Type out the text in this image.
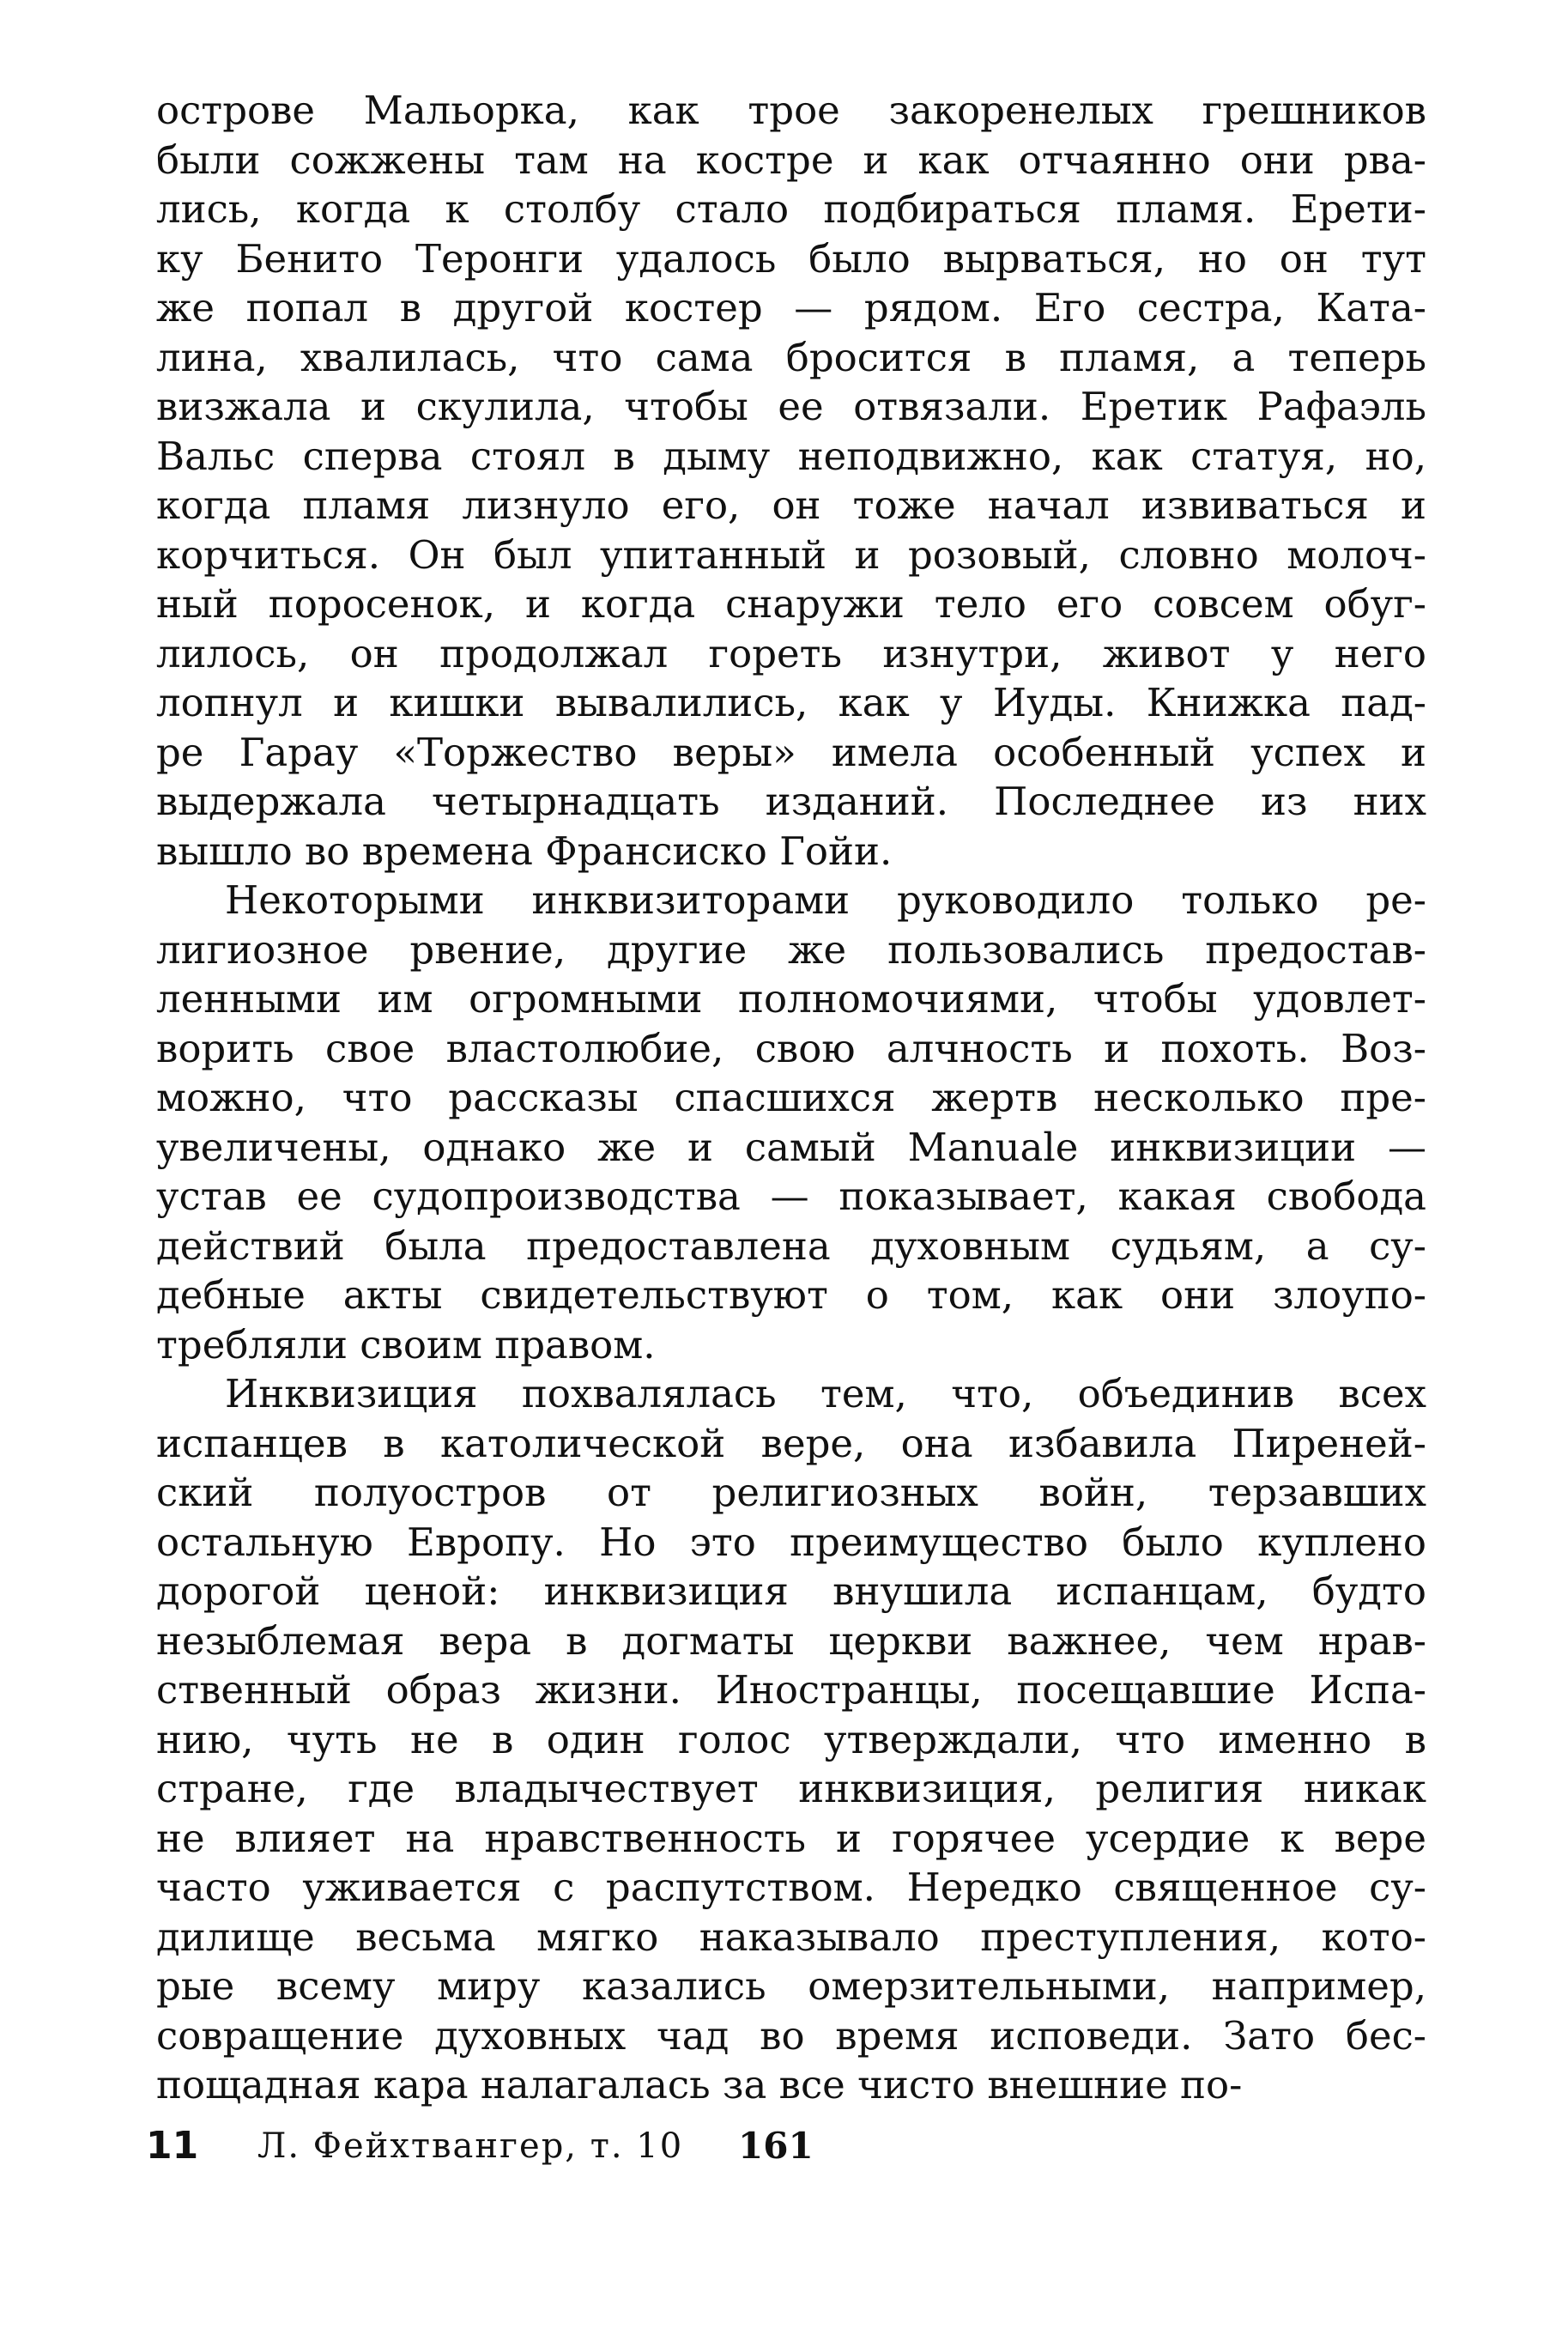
острове Мальорка, как трое закоренелых грешников
были сожжены там на костре и как отчаянно они рва-
лись, когда к столбу стало подбираться пламя. Ерети-
ку Бенито Теронги удалось было вырваться, но он тут
же попал в другой костер — рядом. Его сестра, Ката-
лина, хвалилась, что сама бросится в пламя, а теперь
визжала и скулила, чтобы ее отвязали. Еретик Рафаэль
Вальс сперва стоял в дыму неподвижно, как статуя, но,
когда пламя лизнуло его, он тоже начал извиваться и
корчиться. Он был упитанный и розовый, словно молоч-
ный поросенок, и когда снаружи тело его совсем обуг-
лилось, он продолжал гореть изнутри, живот у него
лопнул и кишки вывалились, как у Иуды. Книжка пад-
ре Гарау «Торжество веры» имела особенный успех и
выдержала четырнадцать изданий. Последнее из них
вышло во времена Франсиско Гойи.
Некоторыми инквизиторами руководило только ре-
лигиозное рвение, другие же пользовались предостав-
ленными им огромными полномочиями, чтобы удовлет-
ворить свое властолюбие, свою алчность и похоть. Воз-
можно, что рассказы спасшихся жертв несколько пре-
увеличены, однако же и самый Manuale инквизиции —
устав ее судопроизводства — показывает, какая свобода
действий была предоставлена духовным судьям, а су-
дебные акты свидетельствуют о том, как они злоупо-
требляли своим правом.
Инквизиция похвалялась тем, что, объединив всех
испанцев в католической вере, она избавила Пиреней-
ский полуостров от религиозных войн, терзавших
остальную Европу. Но это преимущество было куплено
дорогой ценой: инквизиция внушила испанцам, будто
незыблемая вера в догматы церкви важнее, чем нрав-
ственный образ жизни. Иностранцы, посещавшие Испа-
нию, чуть не в один голос утверждали, что именно в
стране, где владычествует инквизиция, религия никак
не влияет на нравственность и горячее усердие к вере
часто уживается с распутством. Нередко священное су-
дилище весьма мягко наказывало преступления, кото-
рые всему миру казались омерзительными, например,
совращение духовных чад во время исповеди. Зато бес-
пощадная кара налагалась за все чисто внешние по-
11 Л. Фейхтвангер, т. 10 161
